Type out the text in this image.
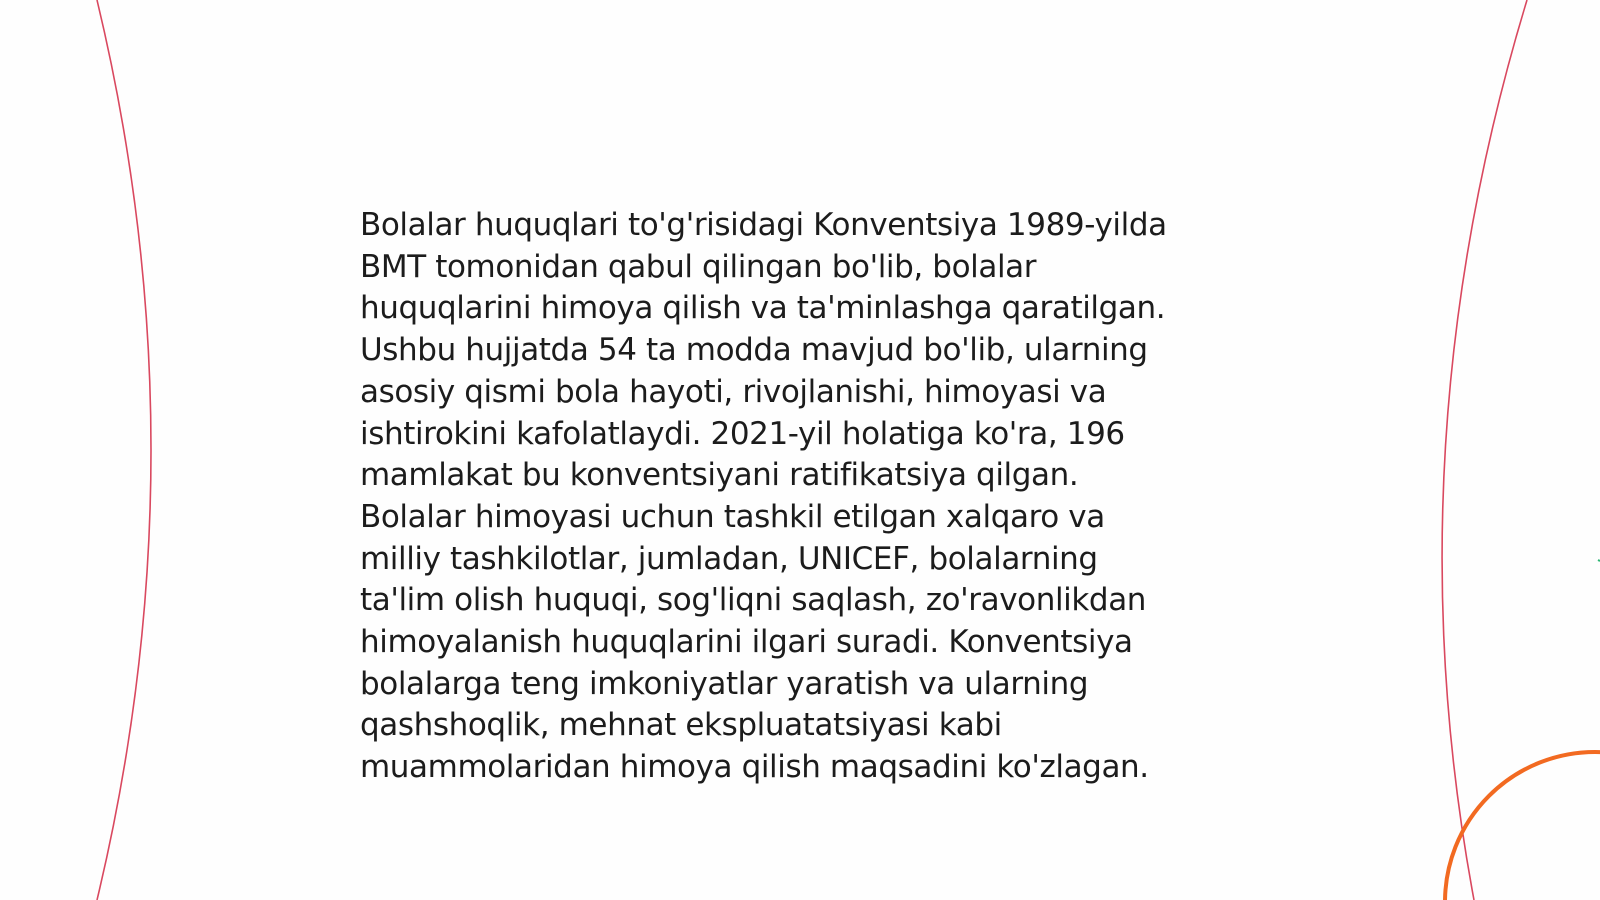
Bolalar huquqlari to'g'risidagi Konventsiya 1989-yilda
BMT tomonidan qabul qilingan bo'lib, bolalar
huquqlarini himoya qilish va ta'minlashga qaratilgan.
Ushbu hujjatda 54 ta modda mavjud bo'lib, ularning
asosiy qismi bola hayoti, rivojlanishi, himoyasi va
ishtirokini kafolatlaydi. 2021-yil holatiga ko'ra, 196
mamlakat bu konventsiyani ratifikatsiya qilgan.
Bolalar himoyasi uchun tashkil etilgan xalqaro va
milliy tashkilotlar, jumladan, UNICEF, bolalarning
ta'lim olish huquqi, sog'liqni saqlash, zo'ravonlikdan
himoyalanish huquqlarini ilgari suradi. Konventsiya
bolalarga teng imkoniyatlar yaratish va ularning
qashshoqlik, mehnat ekspluatatsiyasi kabi
muammolaridan himoya qilish maqsadini ko'zlagan.
